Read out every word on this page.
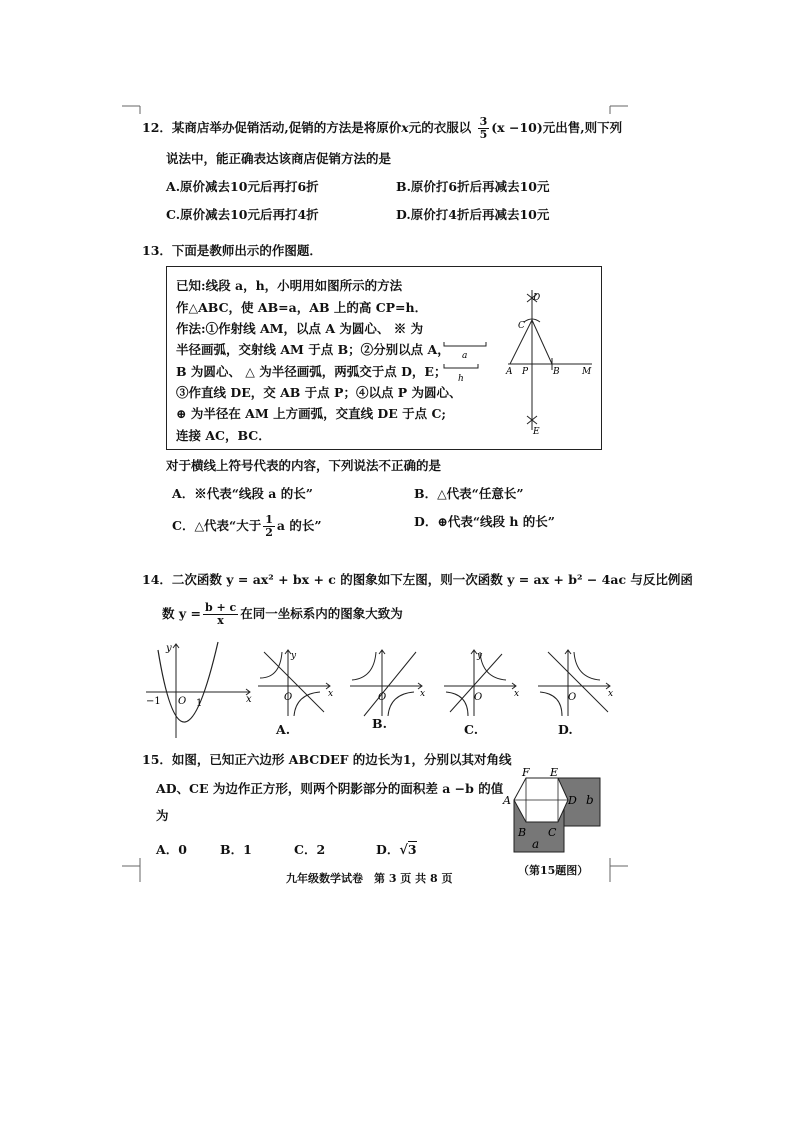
12．某商店举办促销活动,促销的方法是将原价x元的衣服以 $\frac{3}{5} (x -10)$元出售,则下列
说法中，能正确表达该商店促销方法的是
A.原价减去10元后再打6折	B.原价打6折后再减去10元
C.原价减去10元后再打4折	D.原价打4折后再减去10元
13．下面是教师出示的作图题．
已知:线段 a，h，小明用如图所示的方法
作△ABC，使 AB=a，AB 上的高 CP=h．
作法:①作射线 AM，以点 A 为圆心、 ※ 为
半径画弧，交射线 AM 于点 B；②分别以点 A，
B 为圆心、 △ 为半径画弧，两弧交于点 D，E；
③作直线 DE，交 AB 于点 P；④以点 P 为圆心、
⊕ 为半径在 AM 上方画弧，交直线 DE 于点 C;
连接 AC，BC．
a
h
D
C
A P	B M
E
对于横线上符号代表的内容，下列说法不正确的是
A．※代表“线段 a 的长”	B．△代表“任意长”
C．△代表“大于 $\frac{1}{2}$ a 的长”	D．⊕代表“线段 h 的长”
14．二次函数 y = ax² + bx + c 的图象如下左图，则一次函数 y = ax + b² − 4ac 与反比例函
数 $y = \frac{b + c}{x}$ 在同一坐标系内的图象大致为
y
x
O
−1	1
y
x
O
A.
x
O
B.
y
x
O
C.
x
O
D.
15．如图，已知正六边形 ABCDEF 的边长为1，分别以其对角线
AD、CE 为边作正方形，则两个阴影部分的面积差 a −b 的值
为
A．0	B．1	C．2	D．√3
F E
A	D b
B C
a
（第15题图）
九年级数学试卷　第 3 页 共 8 页
